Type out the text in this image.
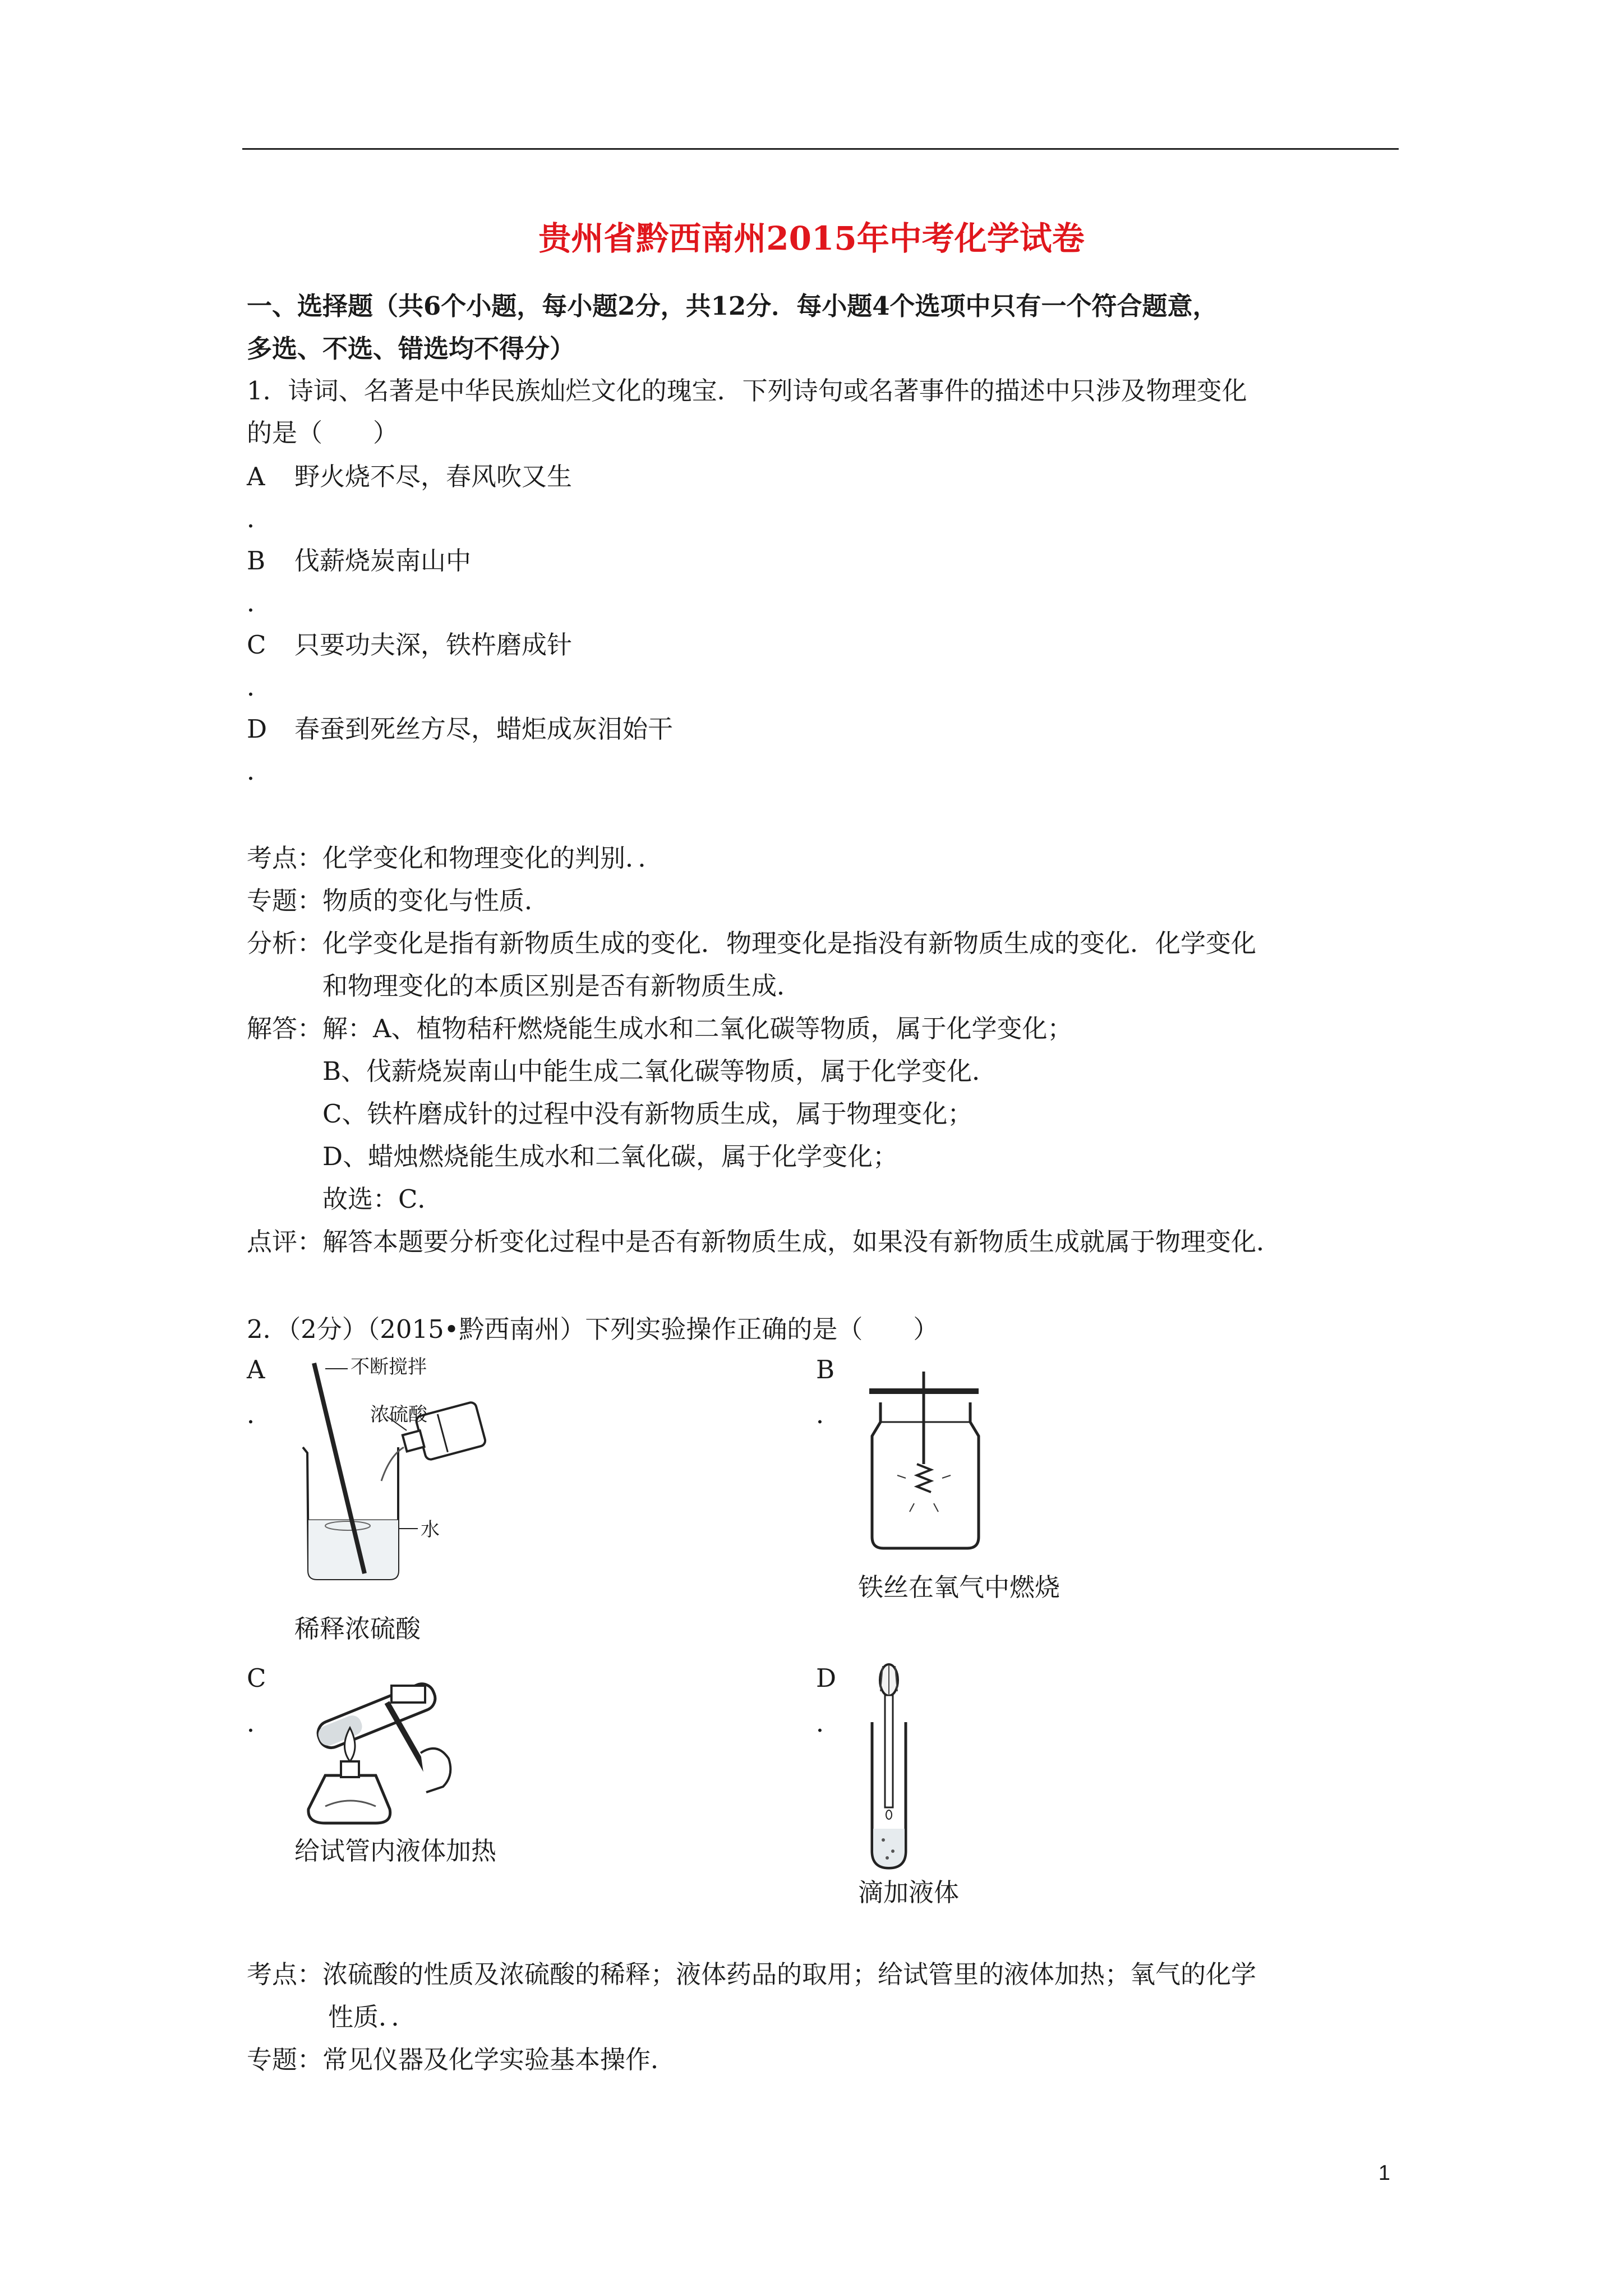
贵州省黔西南州2015年中考化学试卷
一、选择题（共6个小题，每小题2分，共12分．每小题4个选项中只有一个符合题意，
多选、不选、错选均不得分）
1．诗词、名著是中华民族灿烂文化的瑰宝．下列诗句或名著事件的描述中只涉及物理变化
的是（　　）
A 野火烧不尽，春风吹又生
．
B 伐薪烧炭南山中
．
C 只要功夫深，铁杵磨成针
．
D 春蚕到死丝方尽，蜡炬成灰泪始干
．
考点：化学变化和物理变化的判别．．
专题：物质的变化与性质．
分析：化学变化是指有新物质生成的变化．物理变化是指没有新物质生成的变化．化学变化
和物理变化的本质区别是否有新物质生成．
解答：解：A、植物秸秆燃烧能生成水和二氧化碳等物质，属于化学变化；
B、伐薪烧炭南山中能生成二氧化碳等物质，属于化学变化．
C、铁杵磨成针的过程中没有新物质生成，属于物理变化；
D、蜡烛燃烧能生成水和二氧化碳，属于化学变化；
故选：C．
点评：解答本题要分析变化过程中是否有新物质生成，如果没有新物质生成就属于物理变化．
2．（2分）（2015•黔西南州）下列实验操作正确的是（　　）
A
．
不断搅拌
浓硫酸
水
稀释浓硫酸
B
．
铁丝在氧气中燃烧
C
．
给试管内液体加热
D
．
滴加液体
考点：浓硫酸的性质及浓硫酸的稀释；液体药品的取用；给试管里的液体加热；氧气的化学
性质．．
专题：常见仪器及化学实验基本操作．
1
